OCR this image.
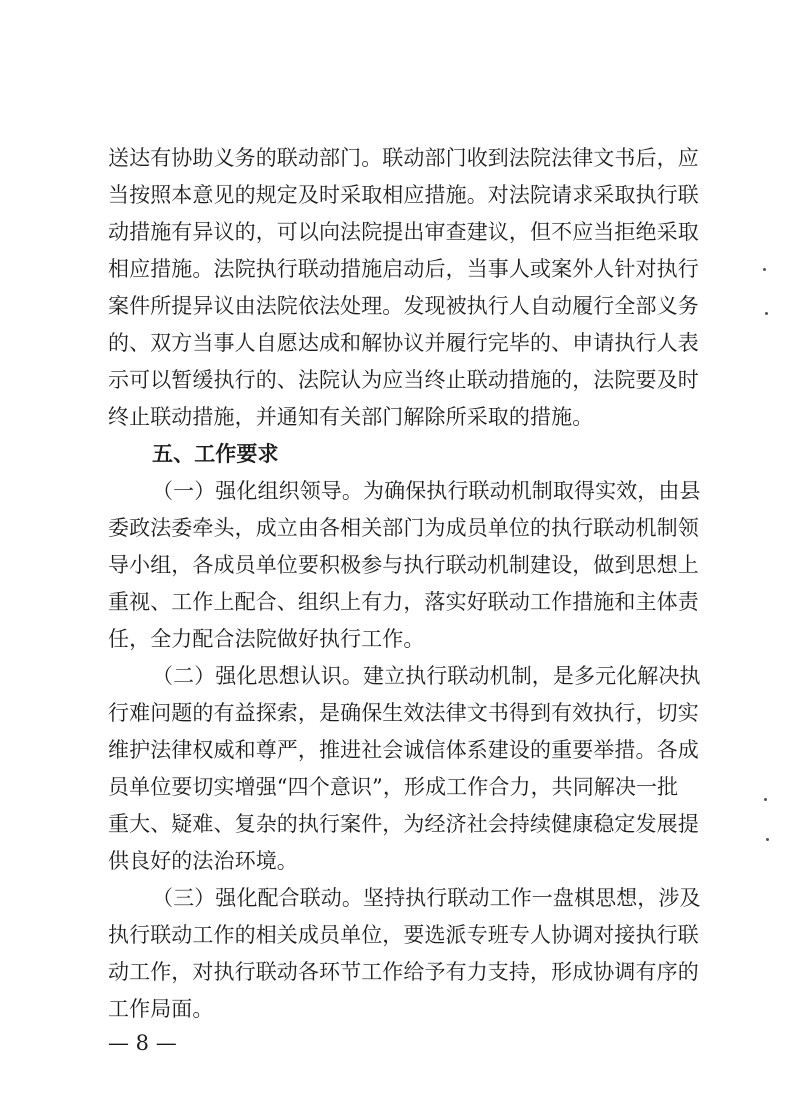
送达有协助义务的联动部门。联动部门收到法院法律文书后，应
当按照本意见的规定及时采取相应措施。对法院请求采取执行联
动措施有异议的，可以向法院提出审查建议，但不应当拒绝采取
相应措施。法院执行联动措施启动后，当事人或案外人针对执行
案件所提异议由法院依法处理。发现被执行人自动履行全部义务
的、双方当事人自愿达成和解协议并履行完毕的、申请执行人表
示可以暂缓执行的、法院认为应当终止联动措施的，法院要及时
终止联动措施，并通知有关部门解除所采取的措施。
五、工作要求
（一）强化组织领导。为确保执行联动机制取得实效，由县
委政法委牵头，成立由各相关部门为成员单位的执行联动机制领
导小组，各成员单位要积极参与执行联动机制建设，做到思想上
重视、工作上配合、组织上有力，落实好联动工作措施和主体责
任，全力配合法院做好执行工作。
（二）强化思想认识。建立执行联动机制，是多元化解决执
行难问题的有益探索，是确保生效法律文书得到有效执行，切实
维护法律权威和尊严，推进社会诚信体系建设的重要举措。各成
员单位要切实增强“四个意识”，形成工作合力，共同解决一批
重大、疑难、复杂的执行案件，为经济社会持续健康稳定发展提
供良好的法治环境。
（三）强化配合联动。坚持执行联动工作一盘棋思想，涉及
执行联动工作的相关成员单位，要选派专班专人协调对接执行联
动工作，对执行联动各环节工作给予有力支持，形成协调有序的
工作局面。
— 8 —
